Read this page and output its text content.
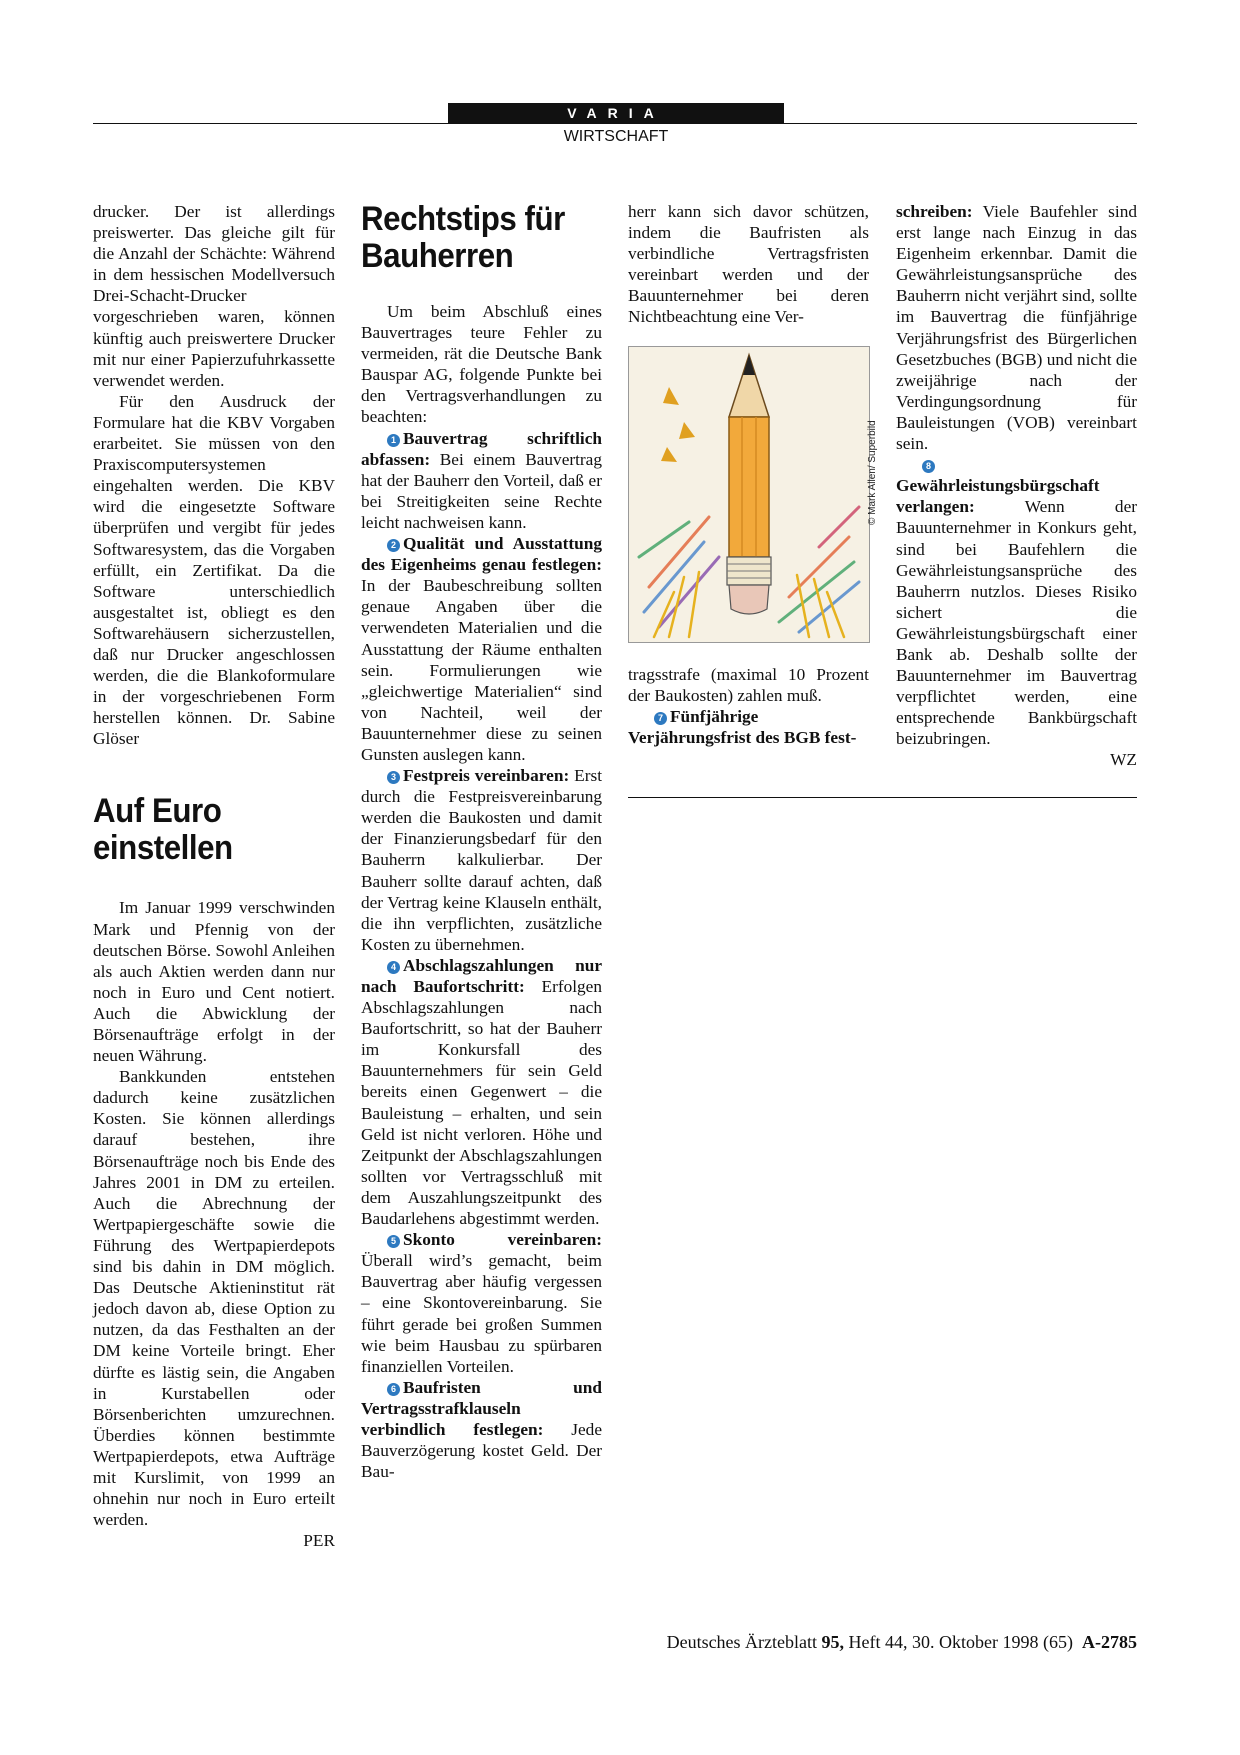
VARIA
WIRTSCHAFT

drucker. Der ist allerdings preiswerter. Das gleiche gilt für die Anzahl der Schächte: Während in dem hessischen Modellversuch Drei-Schacht-Drucker vorgeschrieben waren, können künftig auch preiswertere Drucker mit nur einer Papierzufuhrkassette verwendet werden.

Für den Ausdruck der Formulare hat die KBV Vorgaben erarbeitet. Sie müssen von den Praxiscomputersystemen eingehalten werden. Die KBV wird die eingesetzte Software überprüfen und vergibt für jedes Softwaresystem, das die Vorgaben erfüllt, ein Zertifikat. Da die Software unterschiedlich ausgestaltet ist, obliegt es den Softwarehäusern sicherzustellen, daß nur Drucker angeschlossen werden, die die Blankoformulare in der vorgeschriebenen Form herstellen können. Dr. Sabine Glöser

Auf Euro einstellen

Im Januar 1999 verschwinden Mark und Pfennig von der deutschen Börse. Sowohl Anleihen als auch Aktien werden dann nur noch in Euro und Cent notiert. Auch die Abwicklung der Börsenaufträge erfolgt in der neuen Währung.

Bankkunden entstehen dadurch keine zusätzlichen Kosten. Sie können allerdings darauf bestehen, ihre Börsenaufträge noch bis Ende des Jahres 2001 in DM zu erteilen. Auch die Abrechnung der Wertpapiergeschäfte sowie die Führung des Wertpapierdepots sind bis dahin in DM möglich. Das Deutsche Aktieninstitut rät jedoch davon ab, diese Option zu nutzen, da das Festhalten an der DM keine Vorteile bringt. Eher dürfte es lästig sein, die Angaben in Kurstabellen oder Börsenberichten umzurechnen. Überdies können bestimmte Wertpapierdepots, etwa Aufträge mit Kurslimit, von 1999 an ohnehin nur noch in Euro erteilt werden.

PER

Rechtstips für Bauherren

Um beim Abschluß eines Bauvertrages teure Fehler zu vermeiden, rät die Deutsche Bank Bauspar AG, folgende Punkte bei den Vertragsverhandlungen zu beachten:

1 Bauvertrag schriftlich abfassen: Bei einem Bauvertrag hat der Bauherr den Vorteil, daß er bei Streitigkeiten seine Rechte leicht nachweisen kann.

2 Qualität und Ausstattung des Eigenheims genau festlegen: In der Baubeschreibung sollten genaue Angaben über die verwendeten Materialien und die Ausstattung der Räume enthalten sein. Formulierungen wie „gleichwertige Materialien“ sind von Nachteil, weil der Bauunternehmer diese zu seinen Gunsten auslegen kann.

3 Festpreis vereinbaren: Erst durch die Festpreisvereinbarung werden die Baukosten und damit der Finanzierungsbedarf für den Bauherrn kalkulierbar. Der Bauherr sollte darauf achten, daß der Vertrag keine Klauseln enthält, die ihn verpflichten, zusätzliche Kosten zu übernehmen.

4 Abschlagszahlungen nur nach Baufortschritt: Erfolgen Abschlagszahlungen nach Baufortschritt, so hat der Bauherr im Konkursfall des Bauunternehmers für sein Geld bereits einen Gegenwert – die Bauleistung – erhalten, und sein Geld ist nicht verloren. Höhe und Zeitpunkt der Abschlagszahlungen sollten vor Vertragsschluß mit dem Auszahlungszeitpunkt des Baudarlehens abgestimmt werden.

5 Skonto vereinbaren: Überall wird’s gemacht, beim Bauvertrag aber häufig vergessen – eine Skontovereinbarung. Sie führt gerade bei großen Summen wie beim Hausbau zu spürbaren finanziellen Vorteilen.

6 Baufristen und Vertragsstrafklauseln verbindlich festlegen: Jede Bauverzögerung kostet Geld. Der Bau-

herr kann sich davor schützen, indem die Baufristen als verbindliche Vertragsfristen vereinbart werden und der Bauunternehmer bei deren Nichtbeachtung eine Ver-

© Mark Allen/ Superbild

tragsstrafe (maximal 10 Prozent der Baukosten) zahlen muß.

7 Fünfjährige Verjährungsfrist des BGB fest-

schreiben: Viele Baufehler sind erst lange nach Einzug in das Eigenheim erkennbar. Damit die Gewährleistungsansprüche des Bauherrn nicht verjährt sind, sollte im Bauvertrag die fünfjährige Verjährungsfrist des Bürgerlichen Gesetzbuches (BGB) und nicht die zweijährige nach der Verdingungsordnung für Bauleistungen (VOB) vereinbart sein.

8Gewährleistungsbürgschaft verlangen: Wenn der Bauunternehmer in Konkurs geht, sind bei Baufehlern die Gewährleistungsansprüche des Bauherrn nutzlos. Dieses Risiko sichert die Gewährleistungsbürgschaft einer Bank ab. Deshalb sollte der Bauunternehmer im Bauvertrag verpflichtet werden, eine entsprechende Bankbürgschaft beizubringen.

WZ

Deutsches Ärzteblatt 95, Heft 44, 30. Oktober 1998 (65) A-2785
